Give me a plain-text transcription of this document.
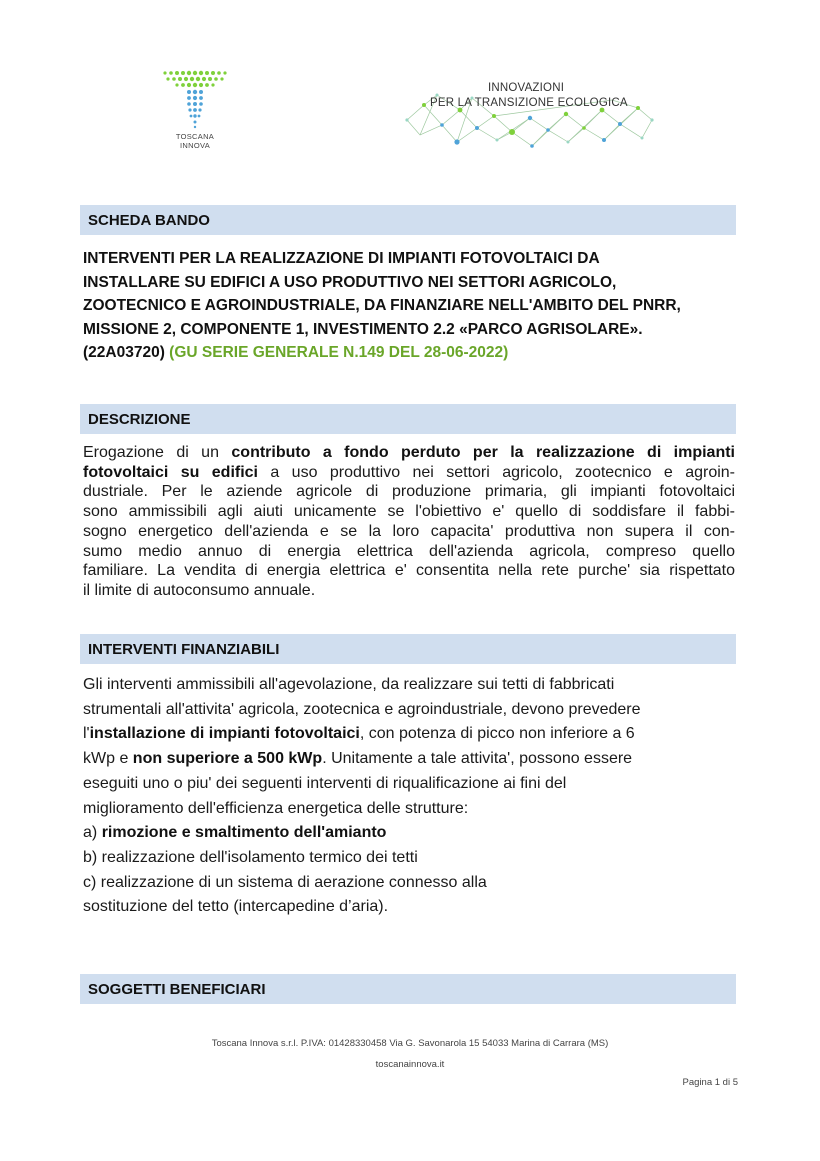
TOSCANA INNOVA
INNOVAZIONI
PER LA TRANSIZIONE ECOLOGICA
SCHEDA BANDO
INTERVENTI PER LA REALIZZAZIONE DI IMPIANTI FOTOVOLTAICI DA
INSTALLARE SU EDIFICI A USO PRODUTTIVO NEI SETTORI AGRICOLO,
ZOOTECNICO E AGROINDUSTRIALE, DA FINANZIARE NELL'AMBITO DEL PNRR,
MISSIONE 2, COMPONENTE 1, INVESTIMENTO 2.2 «PARCO AGRISOLARE».
(22A03720) (GU SERIE GENERALE N.149 DEL 28-06-2022)
DESCRIZIONE
Erogazione di un contributo a fondo perduto per la realizzazione di impianti
fotovoltaici su edifici a uso produttivo nei settori agricolo, zootecnico e agroin-
dustriale. Per le aziende agricole di produzione primaria, gli impianti fotovoltaici
sono ammissibili agli aiuti unicamente se l'obiettivo e' quello di soddisfare il fabbi-
sogno energetico dell'azienda e se la loro capacita' produttiva non supera il con-
sumo medio annuo di energia elettrica dell'azienda agricola, compreso quello
familiare. La vendita di energia elettrica e' consentita nella rete purche' sia rispettato
il limite di autoconsumo annuale.
INTERVENTI FINANZIABILI
Gli interventi ammissibili all'agevolazione, da realizzare sui tetti di fabbricati
strumentali all'attivita' agricola, zootecnica e agroindustriale, devono prevedere
l'installazione di impianti fotovoltaici, con potenza di picco non inferiore a 6
kWp e non superiore a 500 kWp. Unitamente a tale attivita', possono essere
eseguiti uno o piu' dei seguenti interventi di riqualificazione ai fini del
miglioramento dell'efficienza energetica delle strutture:
a) rimozione e smaltimento dell'amianto
b) realizzazione dell'isolamento termico dei tetti
c) realizzazione di un sistema di aerazione connesso alla
sostituzione del tetto (intercapedine d’aria).
SOGGETTI BENEFICIARI
Toscana Innova s.r.l. P.IVA: 01428330458 Via G. Savonarola 15 54033 Marina di Carrara (MS)
toscanainnova.it
Pagina 1 di 5
